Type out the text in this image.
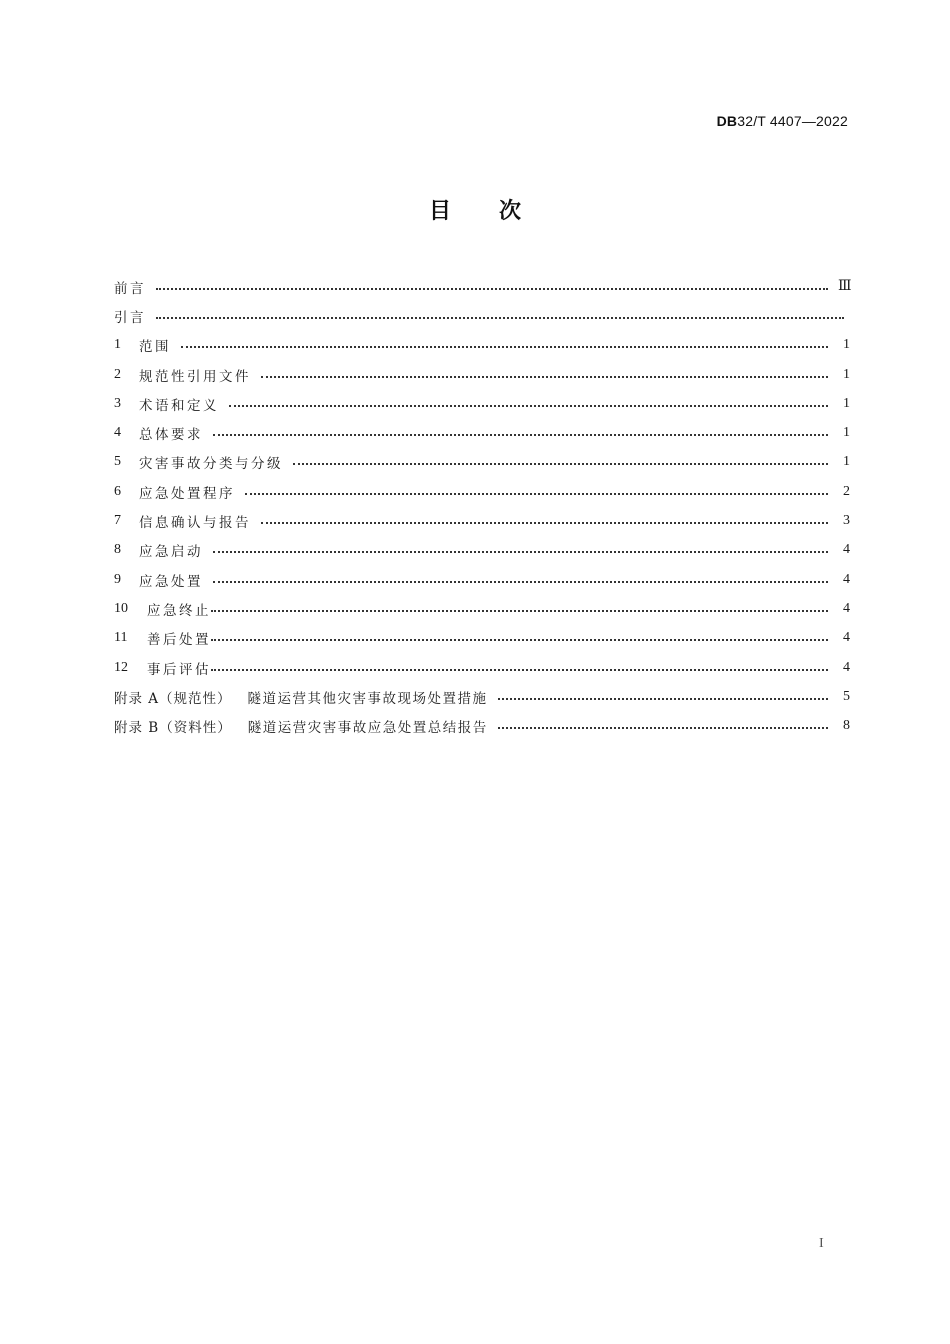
DB32/T 4407—2022
目次
前言	Ⅲ
引言
1	范围	1
2	规范性引用文件	1
3	术语和定义	1
4	总体要求	1
5	灾害事故分类与分级	1
6	应急处置程序	2
7	信息确认与报告	3
8	应急启动	4
9	应急处置	4
10	应急终止	4
11	善后处置	4
12	事后评估	4
附录 A（规范性） 隧道运营其他灾害事故现场处置措施	5
附录 B（资料性） 隧道运营灾害事故应急处置总结报告	8
I
